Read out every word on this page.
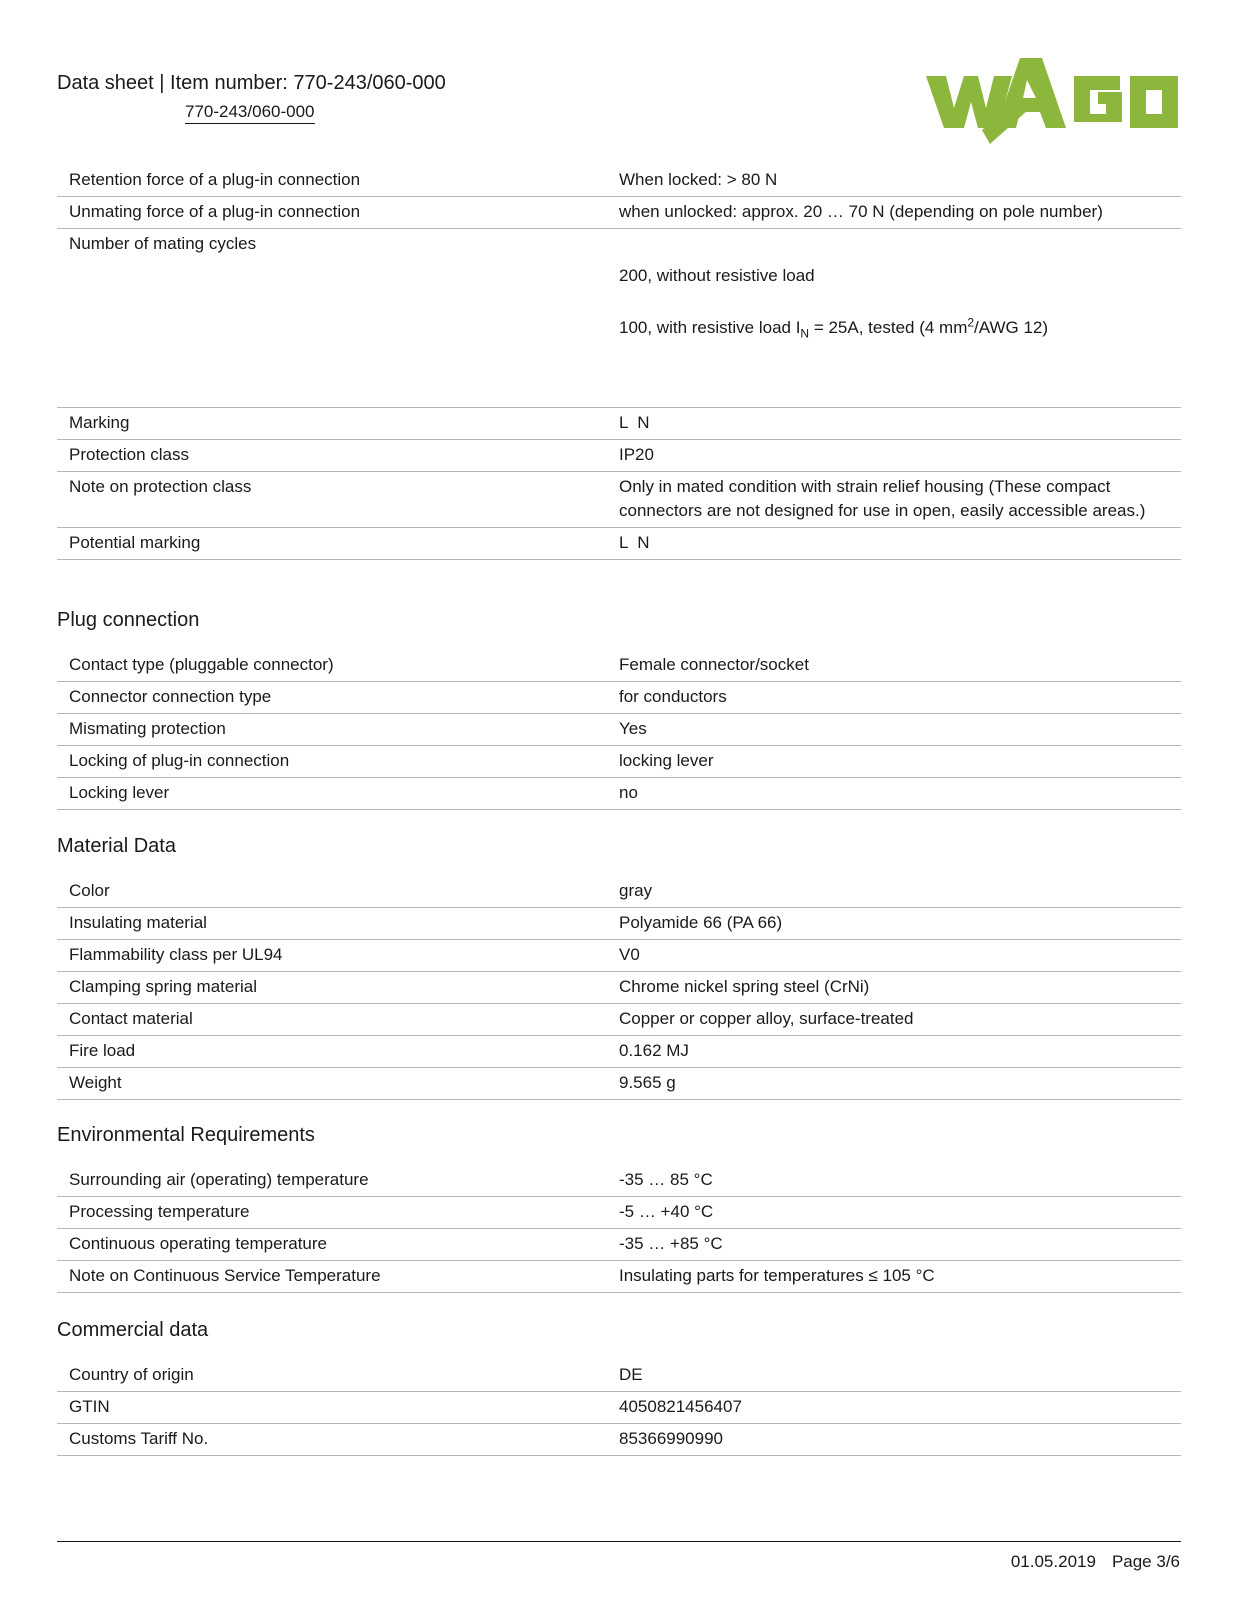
Data sheet | Item number: 770-243/060-000
770-243/060-000
Retention force of a plug-in connection	When locked: > 80 N
Unmating force of a plug-in connection	when unlocked: approx. 20 … 70 N (depending on pole number)
Number of mating cycles	200, without resistive load

100, with resistive load $I_N = 25A$, tested (4 $mm^2$/AWG 12)

Marking	L  N
Protection class	IP20
Note on protection class	Only in mated condition with strain relief housing (These compact connectors are not designed for use in open, easily accessible areas.)
Potential marking	L  N
Plug connection
Contact type (pluggable connector)	Female connector/socket
Connector connection type	for conductors
Mismating protection	Yes
Locking of plug-in connection	locking lever
Locking lever	no
Material Data
Color	gray
Insulating material	Polyamide 66 (PA 66)
Flammability class per UL94	V0
Clamping spring material	Chrome nickel spring steel (CrNi)
Contact material	Copper or copper alloy, surface-treated
Fire load	0.162 MJ
Weight	9.565 g
Environmental Requirements
Surrounding air (operating) temperature	-35 … 85 °C
Processing temperature	-5 … +40 °C
Continuous operating temperature	-35 … +85 °C
Note on Continuous Service Temperature	Insulating parts for temperatures ≤ 105 °C
Commercial data
Country of origin	DE
GTIN	4050821456407
Customs Tariff No.	85366990990
01.05.2019 Page 3/6
